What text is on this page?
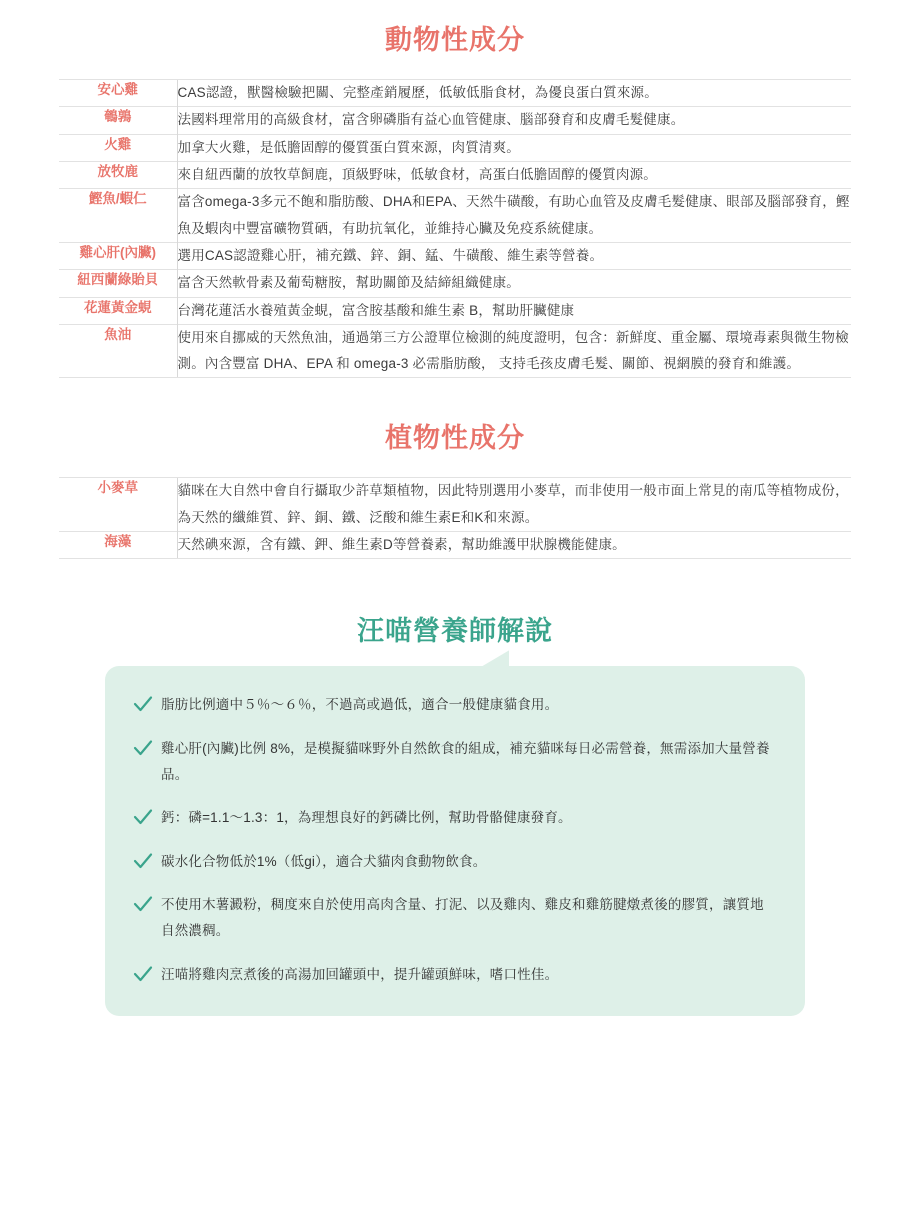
動物性成分
安心雞	CAS認證，獸醫檢驗把關、完整產銷履歷，低敏低脂食材，為優良蛋白質來源。
鵪鶉	法國料理常用的高級食材，富含卵磷脂有益心血管健康、腦部發育和皮膚毛髮健康。
火雞	加拿大火雞，是低膽固醇的優質蛋白質來源，肉質清爽。
放牧鹿	來自紐西蘭的放牧草飼鹿，頂級野味，低敏食材，高蛋白低膽固醇的優質肉源。
鰹魚/蝦仁	富含omega-3多元不飽和脂肪酸、DHA和EPA、天然牛磺酸，有助心血管及皮膚毛髮健康、眼部及腦部發育，鰹魚及蝦肉中豐富礦物質硒，有助抗氧化，並維持心臟及免疫系統健康。
雞心肝(內臟)	選用CAS認證雞心肝，補充鐵、鋅、銅、錳、牛磺酸、維生素等營養。
紐西蘭綠貽貝	富含天然軟骨素及葡萄糖胺，幫助關節及結締組織健康。
花蓮黃金蜆	台灣花蓮活水養殖黃金蜆，富含胺基酸和維生素 B，幫助肝臟健康
魚油	使用來自挪威的天然魚油，通過第三方公證單位檢測的純度證明，包含：新鮮度、重金屬、環境毒素與微生物檢測。內含豐富 DHA、EPA 和 omega-3 必需脂肪酸， 支持毛孩皮膚毛髮、關節、視網膜的發育和維護。
植物性成分
小麥草	貓咪在大自然中會自行攝取少許草類植物，因此特別選用小麥草，而非使用一般市面上常見的南瓜等植物成份，為天然的纖維質、鋅、銅、鐵、泛酸和維生素E和K和來源。
海藻	天然碘來源，含有鐵、鉀、維生素D等營養素，幫助維護甲狀腺機能健康。
汪喵營養師解說
脂肪比例適中５％～６％，不過高或過低，適合一般健康貓食用。
雞心肝(內臟)比例 8%，是模擬貓咪野外自然飲食的組成，補充貓咪每日必需營養，無需添加大量營養品。
鈣：磷=1.1～1.3：1，為理想良好的鈣磷比例，幫助骨骼健康發育。
碳水化合物低於1%（低gi），適合犬貓肉食動物飲食。
不使用木薯澱粉，稠度來自於使用高肉含量、打泥、以及雞肉、雞皮和雞筋腱燉煮後的膠質，讓質地自然濃稠。
汪喵將雞肉烹煮後的高湯加回罐頭中，提升罐頭鮮味，嗜口性佳。
